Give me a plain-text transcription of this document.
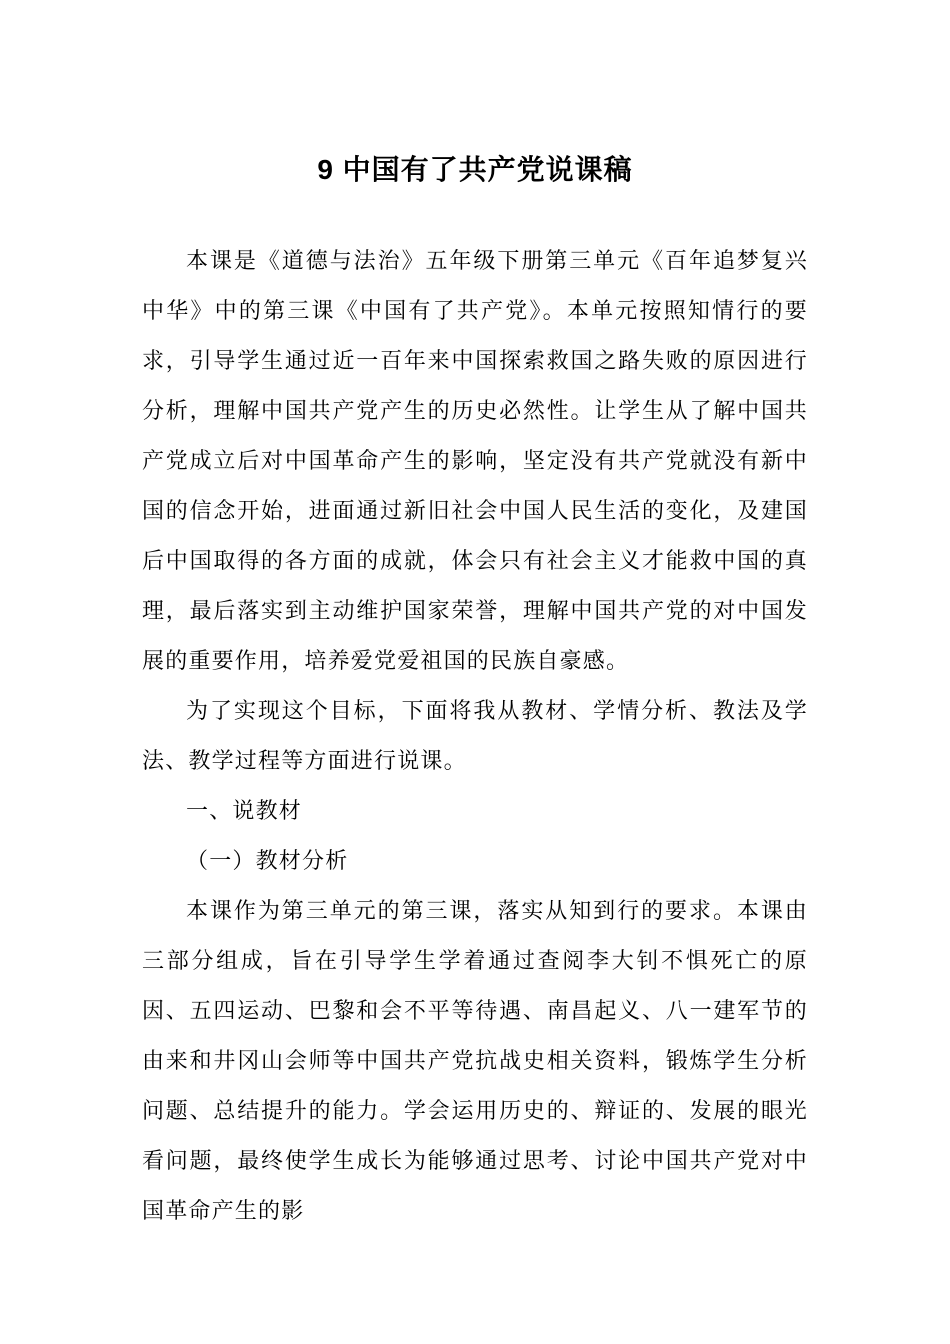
9 中国有了共产党说课稿

本课是《道德与法治》五年级下册第三单元《百年追梦复兴中华》中的第三课《中国有了共产党》。本单元按照知情行的要求，引导学生通过近一百年来中国探索救国之路失败的原因进行分析，理解中国共产党产生的历史必然性。让学生从了解中国共产党成立后对中国革命产生的影响，坚定没有共产党就没有新中国的信念开始，进面通过新旧社会中国人民生活的变化，及建国后中国取得的各方面的成就，体会只有社会主义才能救中国的真理，最后落实到主动维护国家荣誉，理解中国共产党的对中国发展的重要作用，培养爱党爱祖国的民族自豪感。

为了实现这个目标，下面将我从教材、学情分析、教法及学法、教学过程等方面进行说课。

一、说教材

（一）教材分析

本课作为第三单元的第三课，落实从知到行的要求。本课由三部分组成，旨在引导学生学着通过查阅李大钊不惧死亡的原因、五四运动、巴黎和会不平等待遇、南昌起义、八一建军节的由来和井冈山会师等中国共产党抗战史相关资料，锻炼学生分析问题、总结提升的能力。学会运用历史的、辩证的、发展的眼光看问题，最终使学生成长为能够通过思考、讨论中国共产党对中国革命产生的影
